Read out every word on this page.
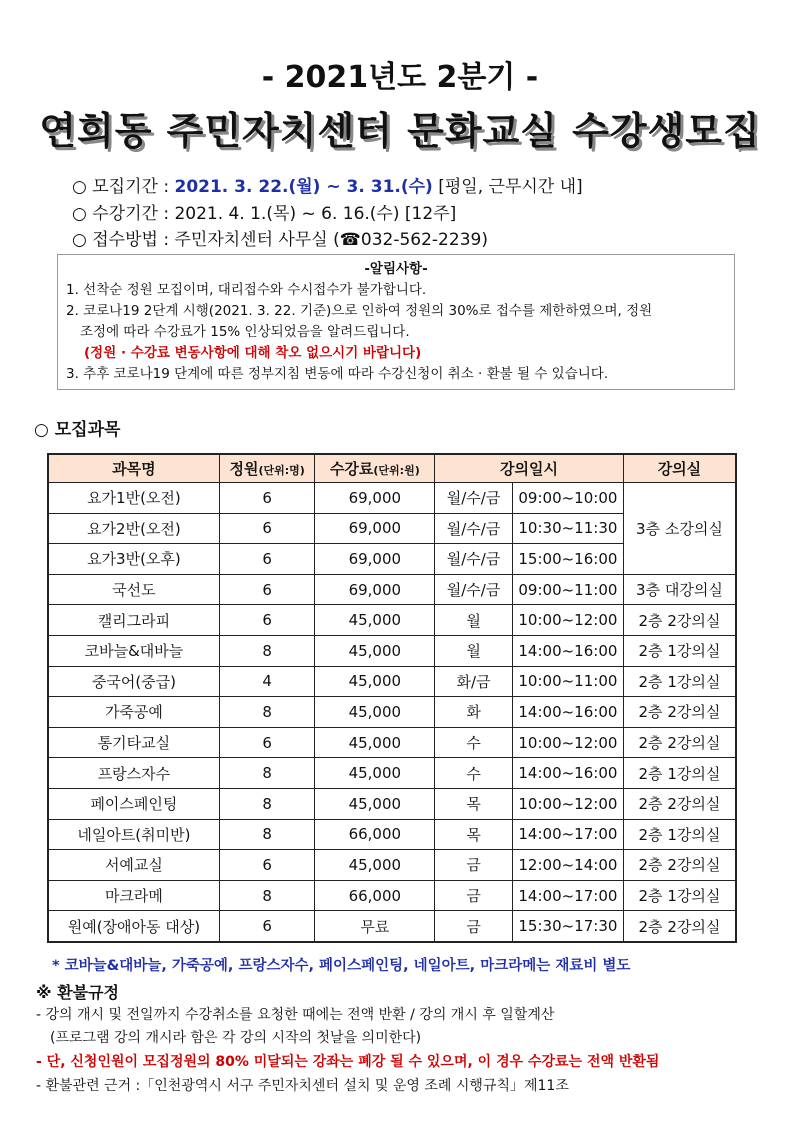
- 2021년도 2분기 -
연희동 주민자치센터 문화교실 수강생모집
○ 모집기간 : 2021. 3. 22.(월) ~ 3. 31.(수) [평일, 근무시간 내]
○ 수강기간 : 2021. 4. 1.(목) ~ 6. 16.(수) [12주]
○ 접수방법 : 주민자치센터 사무실 (☎032-562-2239)
-알림사항-
1. 선착순 정원 모집이며, 대리접수와 수시접수가 불가합니다.
2. 코로나19 2단계 시행(2021. 3. 22. 기준)으로 인하여 정원의 30%로 접수를 제한하였으며, 정원
조정에 따라 수강료가 15% 인상되었음을 알려드립니다.
(정원 · 수강료 변동사항에 대해 착오 없으시기 바랍니다)
3. 추후 코로나19 단계에 따른 정부지침 변동에 따라 수강신청이 취소 · 환불 될 수 있습니다.
○ 모집과목
과목명	정원(단위:명)	수강료(단위:원)	강의일시		강의실
요가1반(오전)	6	69,000	월/수/금	09:00~10:00	3층 소강의실
요가2반(오전)	6	69,000	월/수/금	10:30~11:30	
요가3반(오후)	6	69,000	월/수/금	15:00~16:00	
국선도	6	69,000	월/수/금	09:00~11:00	3층 대강의실
캘리그라피	6	45,000	월	10:00~12:00	2층 2강의실
코바늘&대바늘	8	45,000	월	14:00~16:00	2층 1강의실
중국어(중급)	4	45,000	화/금	10:00~11:00	2층 1강의실
가죽공예	8	45,000	화	14:00~16:00	2층 2강의실
통기타교실	6	45,000	수	10:00~12:00	2층 2강의실
프랑스자수	8	45,000	수	14:00~16:00	2층 1강의실
페이스페인팅	8	45,000	목	10:00~12:00	2층 2강의실
네일아트(취미반)	8	66,000	목	14:00~17:00	2층 1강의실
서예교실	6	45,000	금	12:00~14:00	2층 2강의실
마크라메	8	66,000	금	14:00~17:00	2층 1강의실
원예(장애아동 대상)	6	무료	금	15:30~17:30	2층 2강의실
* 코바늘&대바늘, 가죽공예, 프랑스자수, 페이스페인팅, 네일아트, 마크라메는 재료비 별도
※ 환불규정
- 강의 개시 및 전일까지 수강취소를 요청한 때에는 전액 반환 / 강의 개시 후 일할계산
(프로그램 강의 개시라 함은 각 강의 시작의 첫날을 의미한다)
- 단, 신청인원이 모집정원의 80% 미달되는 강좌는 폐강 될 수 있으며, 이 경우 수강료는 전액 반환됨
- 환불관련 근거 :「인천광역시 서구 주민자치센터 설치 및 운영 조례 시행규칙」제11조
